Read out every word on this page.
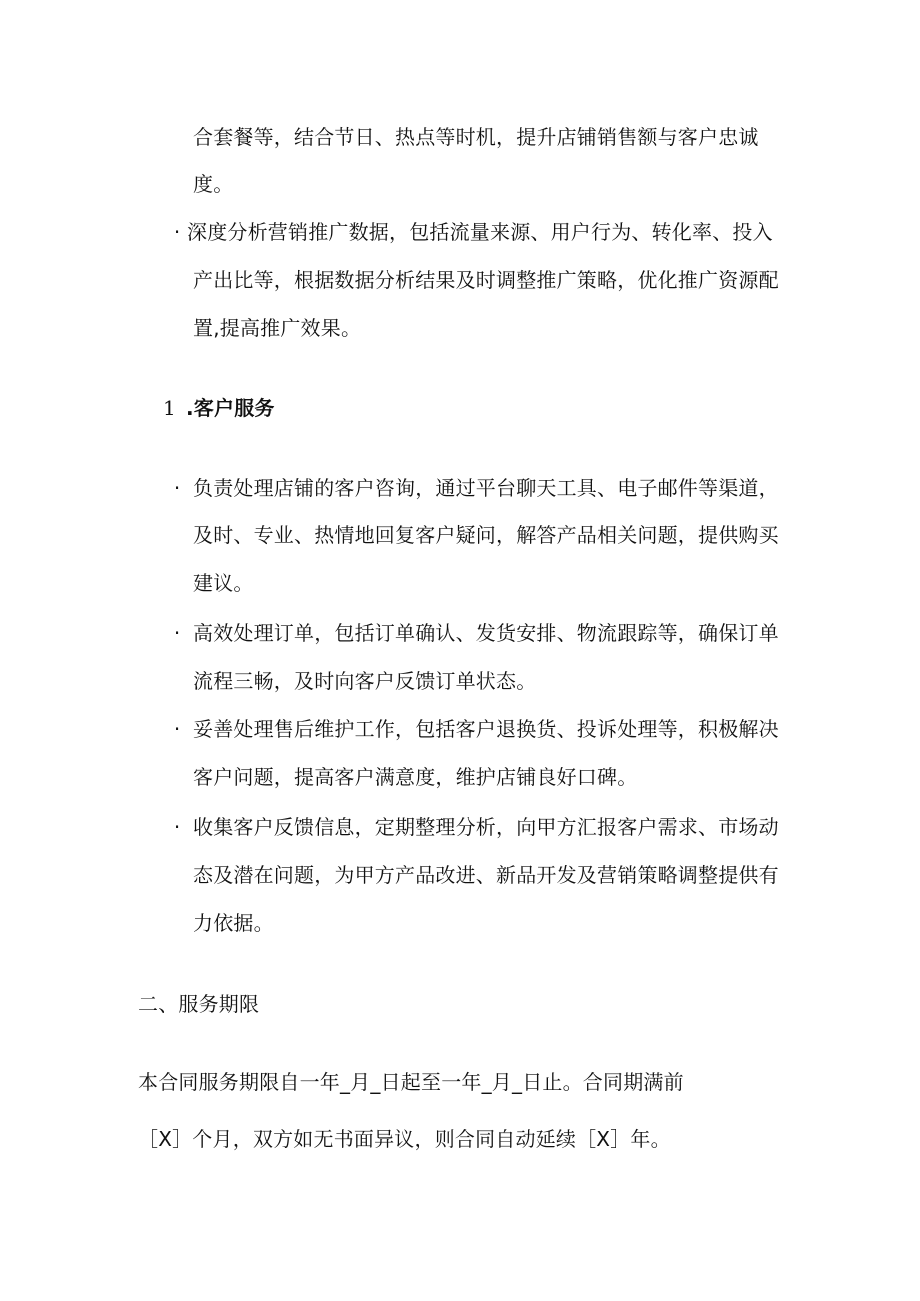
合套餐等，结合节日、热点等时机，提升店铺销售额与客户忠诚
度。
· 深度分析营销推广数据，包括流量来源、用户行为、转化率、投入
产出比等，根据数据分析结果及时调整推广策略，优化推广资源配
置,提高推广效果。
1 .客户服务
· 负责处理店铺的客户咨询，通过平台聊天工具、电子邮件等渠道，
及时、专业、热情地回复客户疑问，解答产品相关问题，提供购买
建议。
· 高效处理订单，包括订单确认、发货安排、物流跟踪等，确保订单
流程三畅，及时向客户反馈订单状态。
· 妥善处理售后维护工作，包括客户退换货、投诉处理等，积极解决
客户问题，提高客户满意度，维护店铺良好口碑。
· 收集客户反馈信息，定期整理分析，向甲方汇报客户需求、市场动
态及潜在问题，为甲方产品改进、新品开发及营销策略调整提供有
力依据。
二、服务期限
本合同服务期限自一年_月_日起至一年_月_日止。合同期满前
［X］个月，双方如无书面异议，则合同自动延续［X］年。
